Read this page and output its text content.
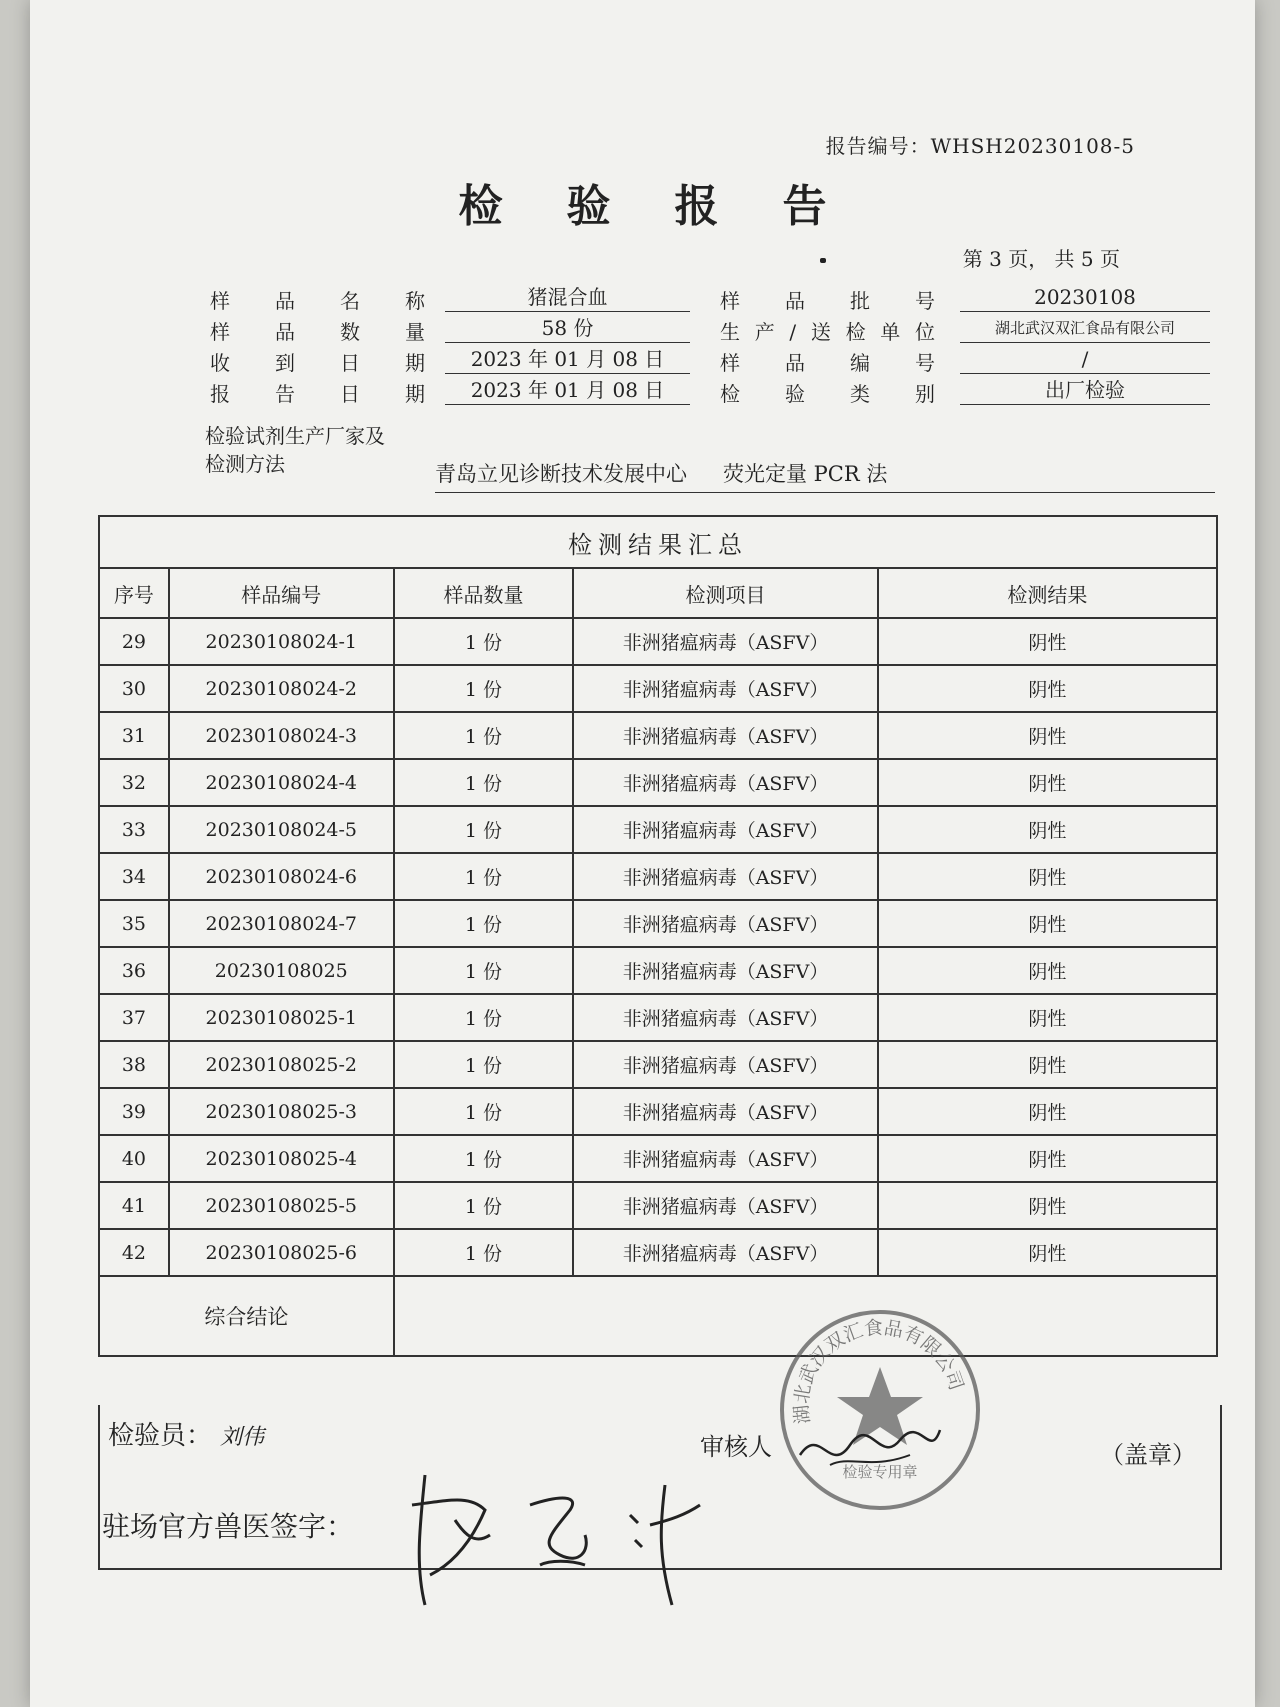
报告编号：WHSH20230108-5
检验报告
第 3 页， 共 5 页
样品名称	猪混合血	样品批号	20230108
样品数量	58 份	生产/送检单位	湖北武汉双汇食品有限公司
收到日期	2023 年 01 月 08 日	样品编号	/
报告日期	2023 年 01 月 08 日	检验类别	出厂检验
检验试剂生产厂家及
检测方法	青岛立见诊断技术发展中心 荧光定量 PCR 法
检测结果汇总				
序号	样品编号	样品数量	检测项目	检测结果
29	20230108024-1	1 份	非洲猪瘟病毒（ASFV）	阴性
30	20230108024-2	1 份	非洲猪瘟病毒（ASFV）	阴性
31	20230108024-3	1 份	非洲猪瘟病毒（ASFV）	阴性
32	20230108024-4	1 份	非洲猪瘟病毒（ASFV）	阴性
33	20230108024-5	1 份	非洲猪瘟病毒（ASFV）	阴性
34	20230108024-6	1 份	非洲猪瘟病毒（ASFV）	阴性
35	20230108024-7	1 份	非洲猪瘟病毒（ASFV）	阴性
36	20230108025	1 份	非洲猪瘟病毒（ASFV）	阴性
37	20230108025-1	1 份	非洲猪瘟病毒（ASFV）	阴性
38	20230108025-2	1 份	非洲猪瘟病毒（ASFV）	阴性
39	20230108025-3	1 份	非洲猪瘟病毒（ASFV）	阴性
40	20230108025-4	1 份	非洲猪瘟病毒（ASFV）	阴性
41	20230108025-5	1 份	非洲猪瘟病毒（ASFV）	阴性
42	20230108025-6	1 份	非洲猪瘟病毒（ASFV）	阴性
综合结论				
检验员： 刘伟	审核人	（盖章）
驻场官方兽医签字：
湖北武汉双汇食品有限公司
检验专用章
